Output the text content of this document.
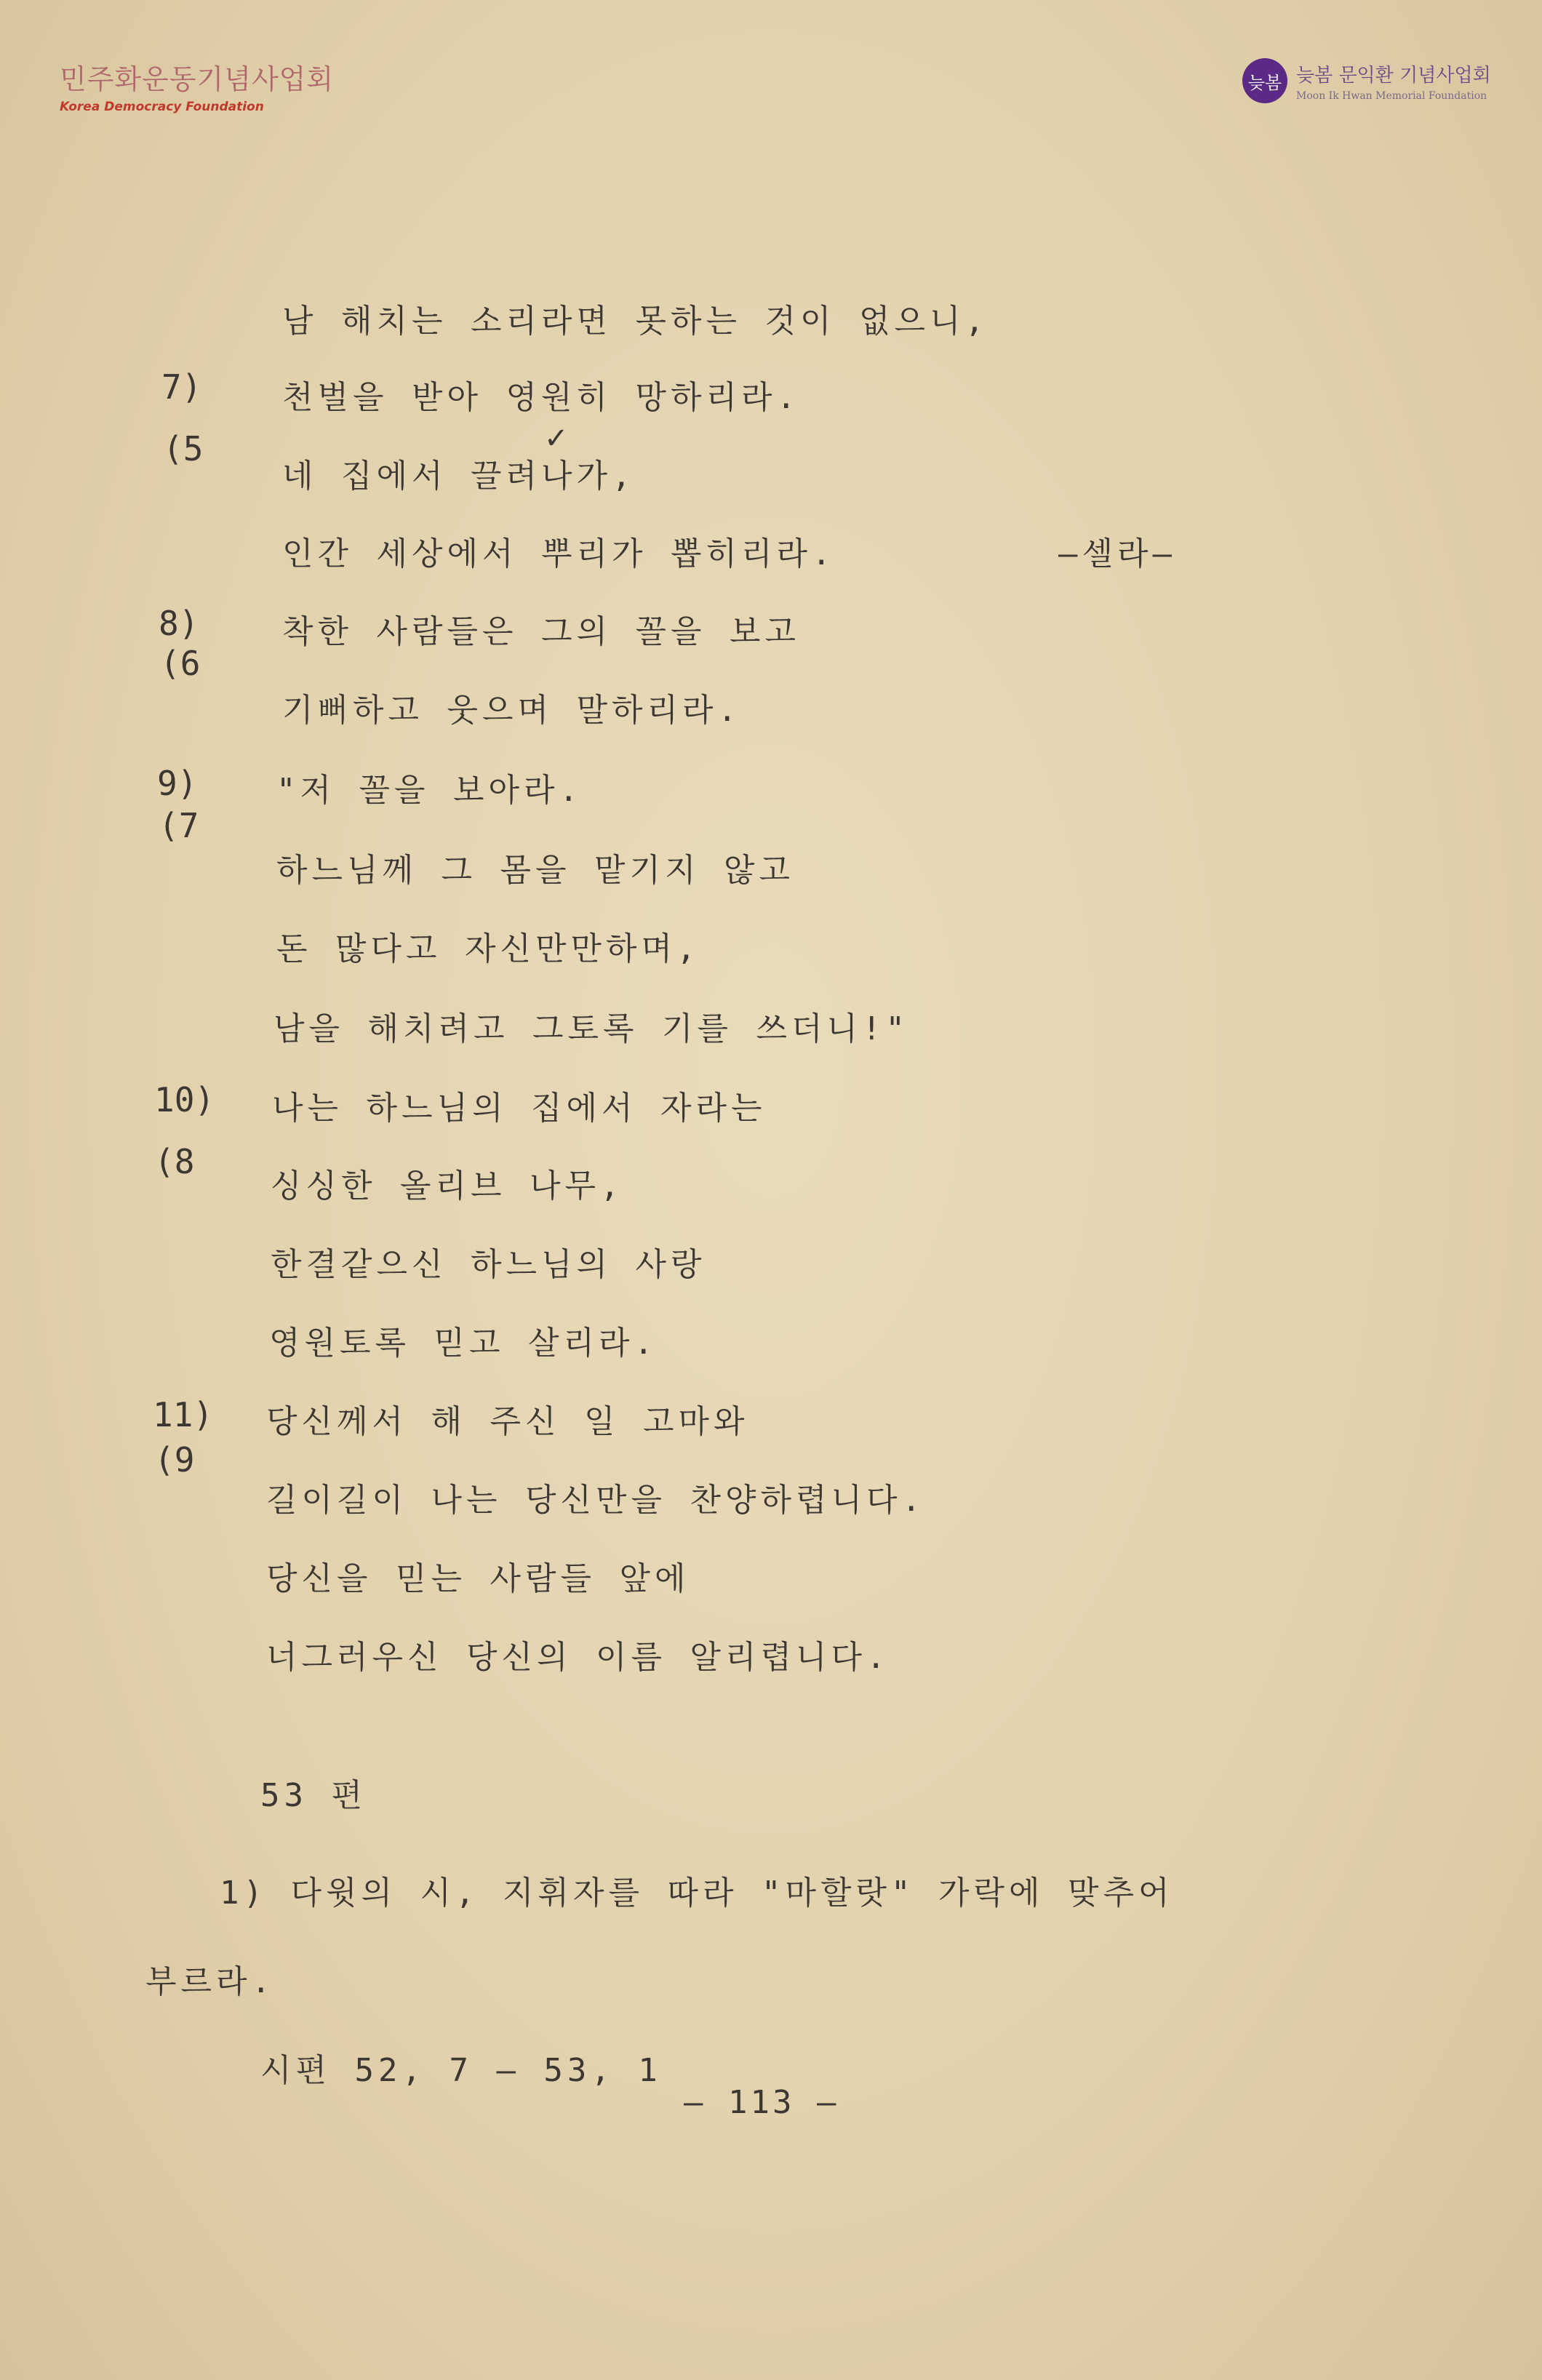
민주화운동기념사업회
Korea Democracy Foundation
늦봄 늦봄 문익환 기념사업회
Moon Ik Hwan Memorial Foundation
7)
(5
8)
(6
9)
(7
10)
(8
11)
(9
남 해치는 소리라면 못하는 것이 없으니,
천벌을 받아 영원히 망하리라.
네 집에서 끌려나가,
✓
인간 세상에서 뿌리가 뽑히리라.	—셀라—
착한 사람들은 그의 꼴을 보고
기뻐하고 웃으며 말하리라.
"저 꼴을 보아라.
하느님께 그 몸을 맡기지 않고
돈 많다고 자신만만하며,
남을 해치려고 그토록 기를 쓰더니!"
나는 하느님의 집에서 자라는
싱싱한 올리브 나무,
한결같으신 하느님의 사랑
영원토록 믿고 살리라.
당신께서 해 주신 일 고마와
길이길이 나는 당신만을 찬양하렵니다.
당신을 믿는 사람들 앞에
너그러우신 당신의 이름 알리렵니다.
53 편
1) 다윗의 시, 지휘자를 따라 "마할랏" 가락에 맞추어
부르라.
시편 52, 7 — 53, 1
— 113 —
